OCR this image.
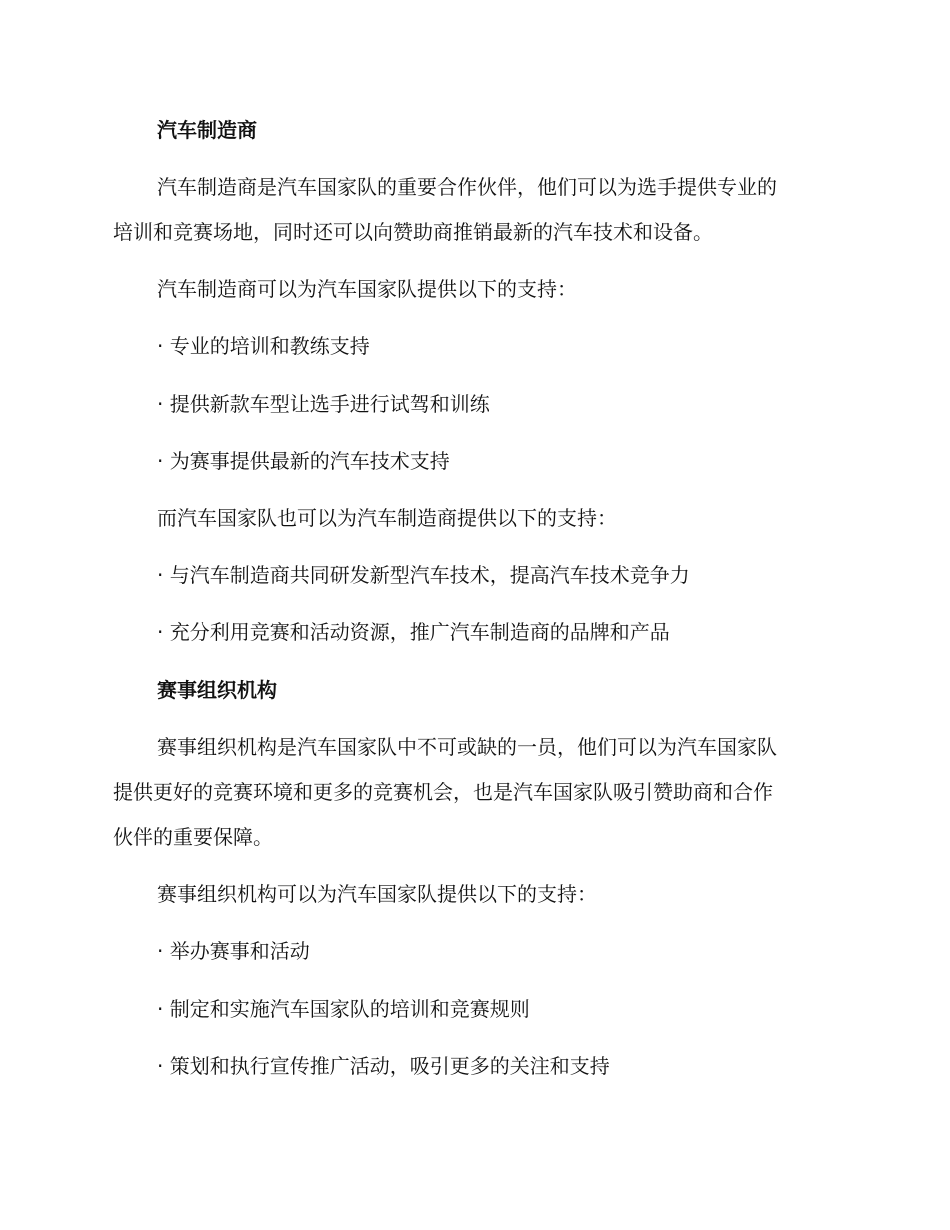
汽车制造商
汽车制造商是汽车国家队的重要合作伙伴，他们可以为选手提供专业的
培训和竞赛场地，同时还可以向赞助商推销最新的汽车技术和设备。
汽车制造商可以为汽车国家队提供以下的支持：
· 专业的培训和教练支持
· 提供新款车型让选手进行试驾和训练
· 为赛事提供最新的汽车技术支持
而汽车国家队也可以为汽车制造商提供以下的支持：
· 与汽车制造商共同研发新型汽车技术，提高汽车技术竞争力
· 充分利用竞赛和活动资源，推广汽车制造商的品牌和产品
赛事组织机构
赛事组织机构是汽车国家队中不可或缺的一员，他们可以为汽车国家队
提供更好的竞赛环境和更多的竞赛机会，也是汽车国家队吸引赞助商和合作
伙伴的重要保障。
赛事组织机构可以为汽车国家队提供以下的支持：
· 举办赛事和活动
· 制定和实施汽车国家队的培训和竞赛规则
· 策划和执行宣传推广活动，吸引更多的关注和支持
